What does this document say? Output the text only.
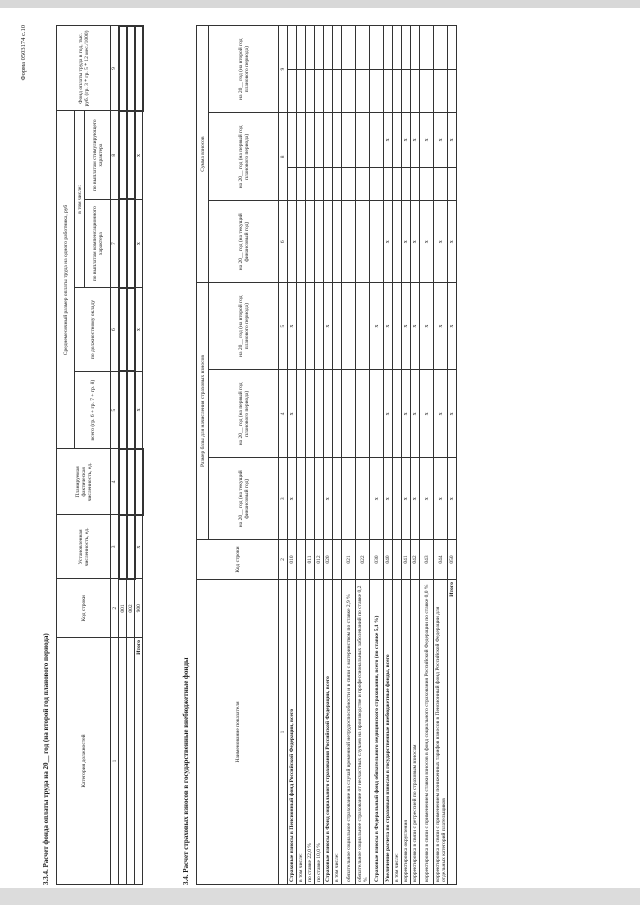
Форма 0503174 с.10
3.3.4. Расчет фонда оплаты труда на 20__ год (на второй год планового периода)	Категория должностей	Код строки	Установленная численность, ед.	Планируемая фактическая численность, ед.	Среднемесячный размер оплаты труда на одного работника, руб				Фонд оплаты труда в год, тыс. руб. (гр. 3 * гр. 5 * 12 мес./1000)
				всего (гр. 6 + гр. 7 + гр. 8)	по должностному окладу	в том числе:		
						по выплатам компенсационного характера	по выплатам стимулирующего характера	
1	2	3	4	5	6	7	8	9
	001							
	002							
Итого	900	x		x	x	x	x	
3.4. Расчет страховых взносов в государственные внебюджетные фонды	Наименование показателя	Код строки	Размер базы для начисления страховых взносов			Сумма взносов				
		на 20__ год (на текущий финансовый год)	на 20__ год (на первый год планового периода)	на 20__ год (на второй год планового периода)	на 20__ год (на текущий финансовый год)	на 20__ год (на первый год планового периода)		на 20__ год (на второй год планового периода)	
1	2	3	4	5	6	8		9	
Страховые взносы в Пенсионный фонд Российской Федерации, всего	010	x	x	x					
в том числе:									
по ставке 22,0 %	011								
по ставке 10,0 %	012								
Страховые взносы в Фонд социального страхования Российской Федерации, всего	020	x		x					
в том числе:									
обязательное социальное страхование на случай временной нетрудоспособности и в связи с материнством по ставке 2,9 %	021								
обязательное социальное страхование от несчастных случаев на производстве и профессиональных заболеваний по ставке 0,2 %	022								
Страховые взносы в Федеральный фонд обязательного медицинского страхования, всего (по ставке 5,1 %)	030	x		x					
Увеличение расчета по страховым взносам в государственные внебюджетные фонды, всего	040	x	x	x	x		x		
в том числе:									
корректировка округления	041	x	x	x	x		x		
корректировка в связи с ретрессией по страховым взносам	042	x	x	x	x		x		
корректировка в связи с применением ставки взносов в фонд социального страхования Российской Федерации по ставке 0,0 %	043	x	x	x	x		x		
корректировка в связи с применением пониженных тарифов взносов в Пенсионный фонд Российской Федерации для отдельных категорий плательщиков	044	x	x	x	x		x		
Итого	050	x	x	x	x		x		
